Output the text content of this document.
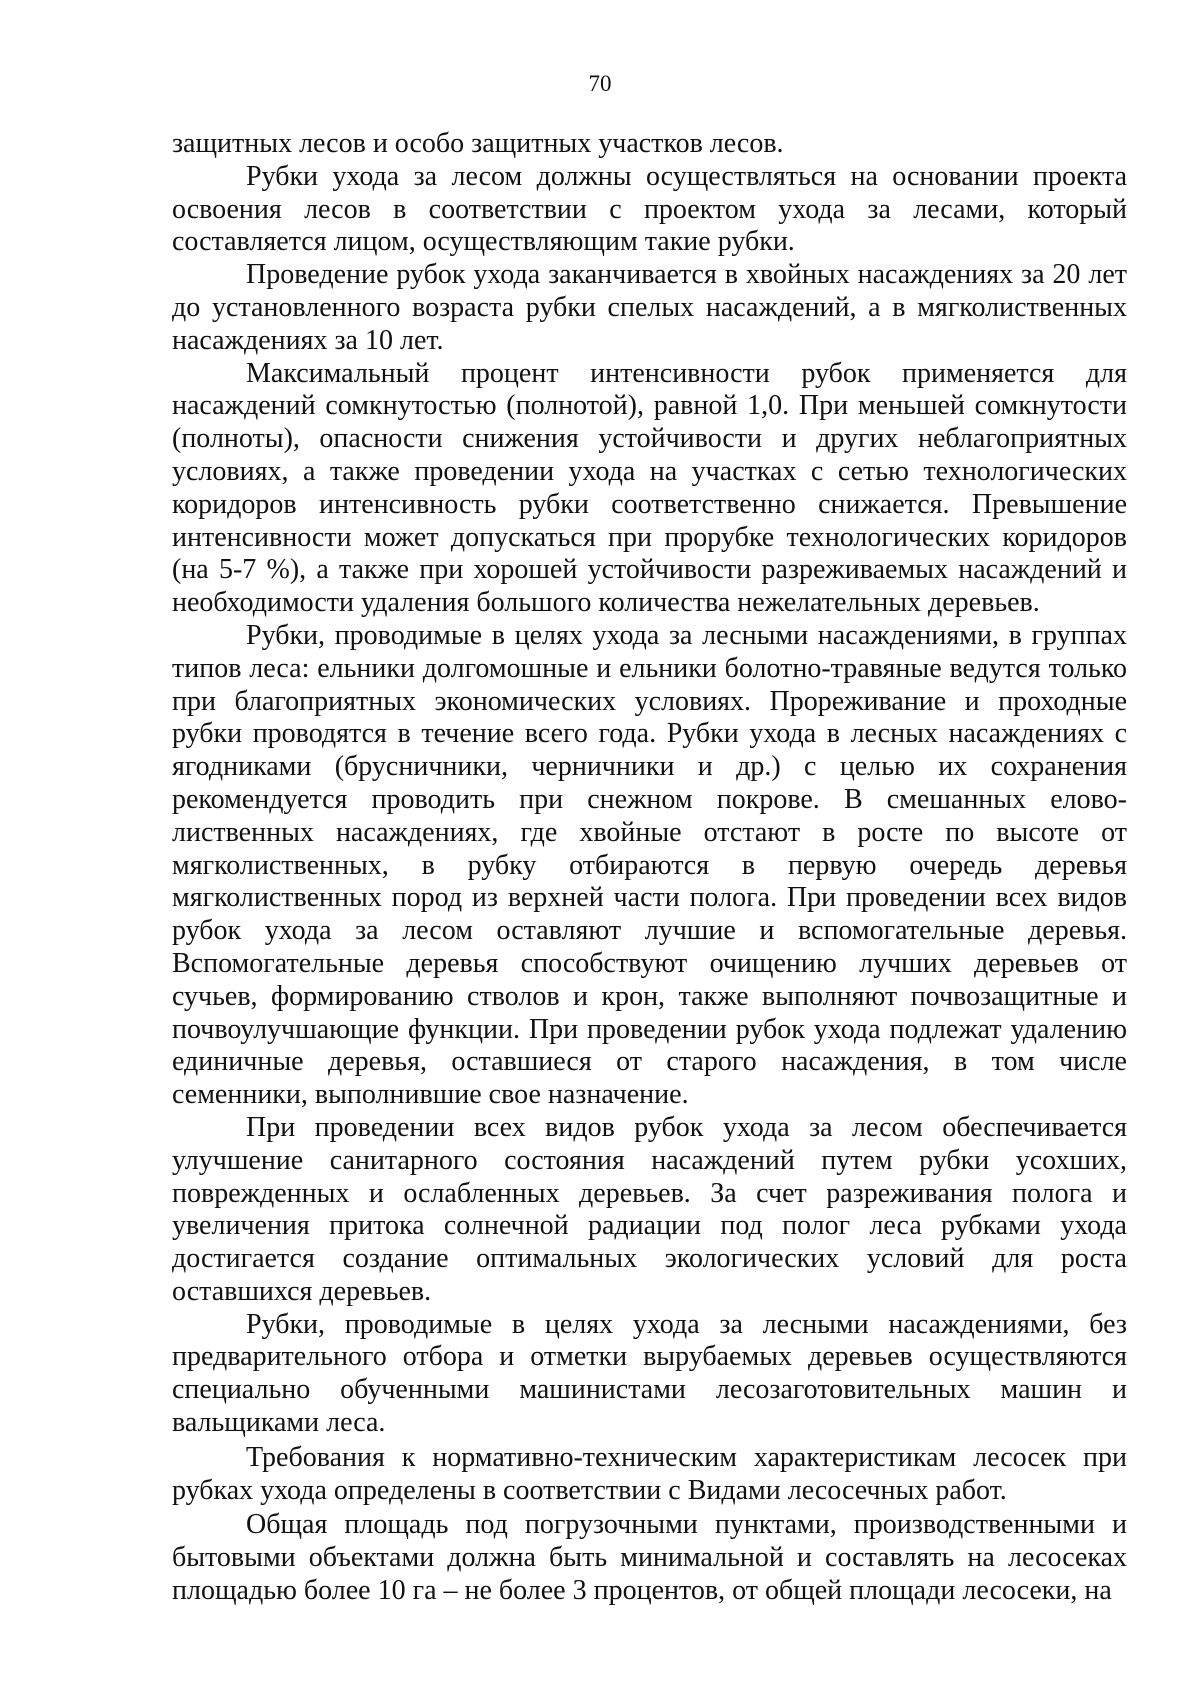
70

защитных лесов и особо защитных участков лесов.

Рубки ухода за лесом должны осуществляться на основании проекта освоения лесов в соответствии с проектом ухода за лесами, который составляется лицом, осуществляющим такие рубки.

Проведение рубок ухода заканчивается в хвойных насаждениях за 20 лет до установленного возраста рубки спелых насаждений, а в мягколиственных насаждениях за 10 лет.

Максимальный процент интенсивности рубок применяется для насаждений сомкнутостью (полнотой), равной 1,0. При меньшей сомкнутости (полноты), опасности снижения устойчивости и других неблагоприятных условиях, а также проведении ухода на участках с сетью технологических коридоров интенсивность рубки соответственно снижается. Превышение интенсивности может допускаться при прорубке технологических коридоров (на 5-7 %), а также при хорошей устойчивости разреживаемых насаждений и необходимости удаления большого количества нежелательных деревьев.

Рубки, проводимые в целях ухода за лесными насаждениями, в группах типов леса: ельники долгомошные и ельники болотно-травяные ведутся только при благоприятных экономических условиях. Прореживание и проходные рубки проводятся в течение всего года. Рубки ухода в лесных насаждениях с ягодниками (брусничники, черничники и др.) с целью их сохранения рекомендуется проводить при снежном покрове. В смешанных елово-лиственных насаждениях, где хвойные отстают в росте по высоте от мягколиственных, в рубку отбираются в первую очередь деревья мягколиственных пород из верхней части полога. При проведении всех видов рубок ухода за лесом оставляют лучшие и вспомогательные деревья. Вспомогательные деревья способствуют очищению лучших деревьев от сучьев, формированию стволов и крон, также выполняют почвозащитные и почвоулучшающие функции. При проведении рубок ухода подлежат удалению единичные деревья, оставшиеся от старого насаждения, в том числе семенники, выполнившие свое назначение.

При проведении всех видов рубок ухода за лесом обеспечивается улучшение санитарного состояния насаждений путем рубки усохших, поврежденных и ослабленных деревьев. За счет разреживания полога и увеличения притока солнечной радиации под полог леса рубками ухода достигается создание оптимальных экологических условий для роста оставшихся деревьев.

Рубки, проводимые в целях ухода за лесными насаждениями, без предварительного отбора и отметки вырубаемых деревьев осуществляются специально обученными машинистами лесозаготовительных машин и вальщиками леса.

Требования к нормативно-техническим характеристикам лесосек при рубках ухода определены в соответствии с Видами лесосечных работ.

Общая площадь под погрузочными пунктами, производственными и бытовыми объектами должна быть минимальной и составлять на лесосеках площадью более 10 га – не более 3 процентов, от общей площади лесосеки, на
